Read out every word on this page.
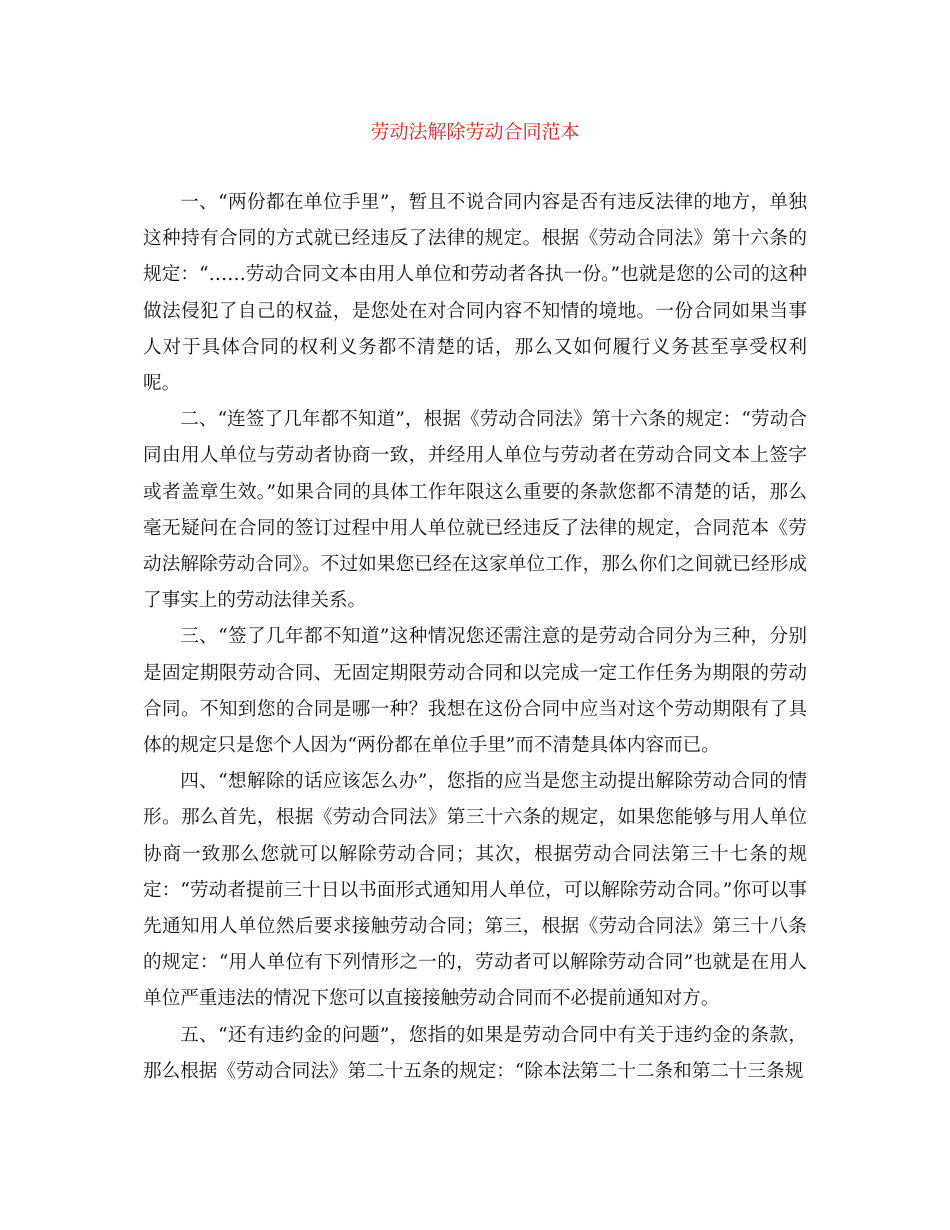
劳动法解除劳动合同范本

一、“两份都在单位手里”，暂且不说合同内容是否有违反法律的地方，单独这种持有合同的方式就已经违反了法律的规定。根据《劳动合同法》第十六条的规定：“……劳动合同文本由用人单位和劳动者各执一份。”也就是您的公司的这种做法侵犯了自己的权益，是您处在对合同内容不知情的境地。一份合同如果当事人对于具体合同的权利义务都不清楚的话，那么又如何履行义务甚至享受权利呢。

二、“连签了几年都不知道”，根据《劳动合同法》第十六条的规定：“劳动合同由用人单位与劳动者协商一致，并经用人单位与劳动者在劳动合同文本上签字或者盖章生效。”如果合同的具体工作年限这么重要的条款您都不清楚的话，那么毫无疑问在合同的签订过程中用人单位就已经违反了法律的规定，合同范本《劳动法解除劳动合同》。不过如果您已经在这家单位工作，那么你们之间就已经形成了事实上的劳动法律关系。

三、“签了几年都不知道”这种情况您还需注意的是劳动合同分为三种，分别是固定期限劳动合同、无固定期限劳动合同和以完成一定工作任务为期限的劳动合同。不知到您的合同是哪一种？我想在这份合同中应当对这个劳动期限有了具体的规定只是您个人因为“两份都在单位手里”而不清楚具体内容而已。

四、“想解除的话应该怎么办”，您指的应当是您主动提出解除劳动合同的情形。那么首先，根据《劳动合同法》第三十六条的规定，如果您能够与用人单位协商一致那么您就可以解除劳动合同；其次，根据劳动合同法第三十七条的规定：“劳动者提前三十日以书面形式通知用人单位，可以解除劳动合同。”你可以事先通知用人单位然后要求接触劳动合同；第三，根据《劳动合同法》第三十八条的规定：“用人单位有下列情形之一的，劳动者可以解除劳动合同”也就是在用人单位严重违法的情况下您可以直接接触劳动合同而不必提前通知对方。

五、“还有违约金的问题”，您指的如果是劳动合同中有关于违约金的条款，那么根据《劳动合同法》第二十五条的规定：“除本法第二十二条和第二十三条规
